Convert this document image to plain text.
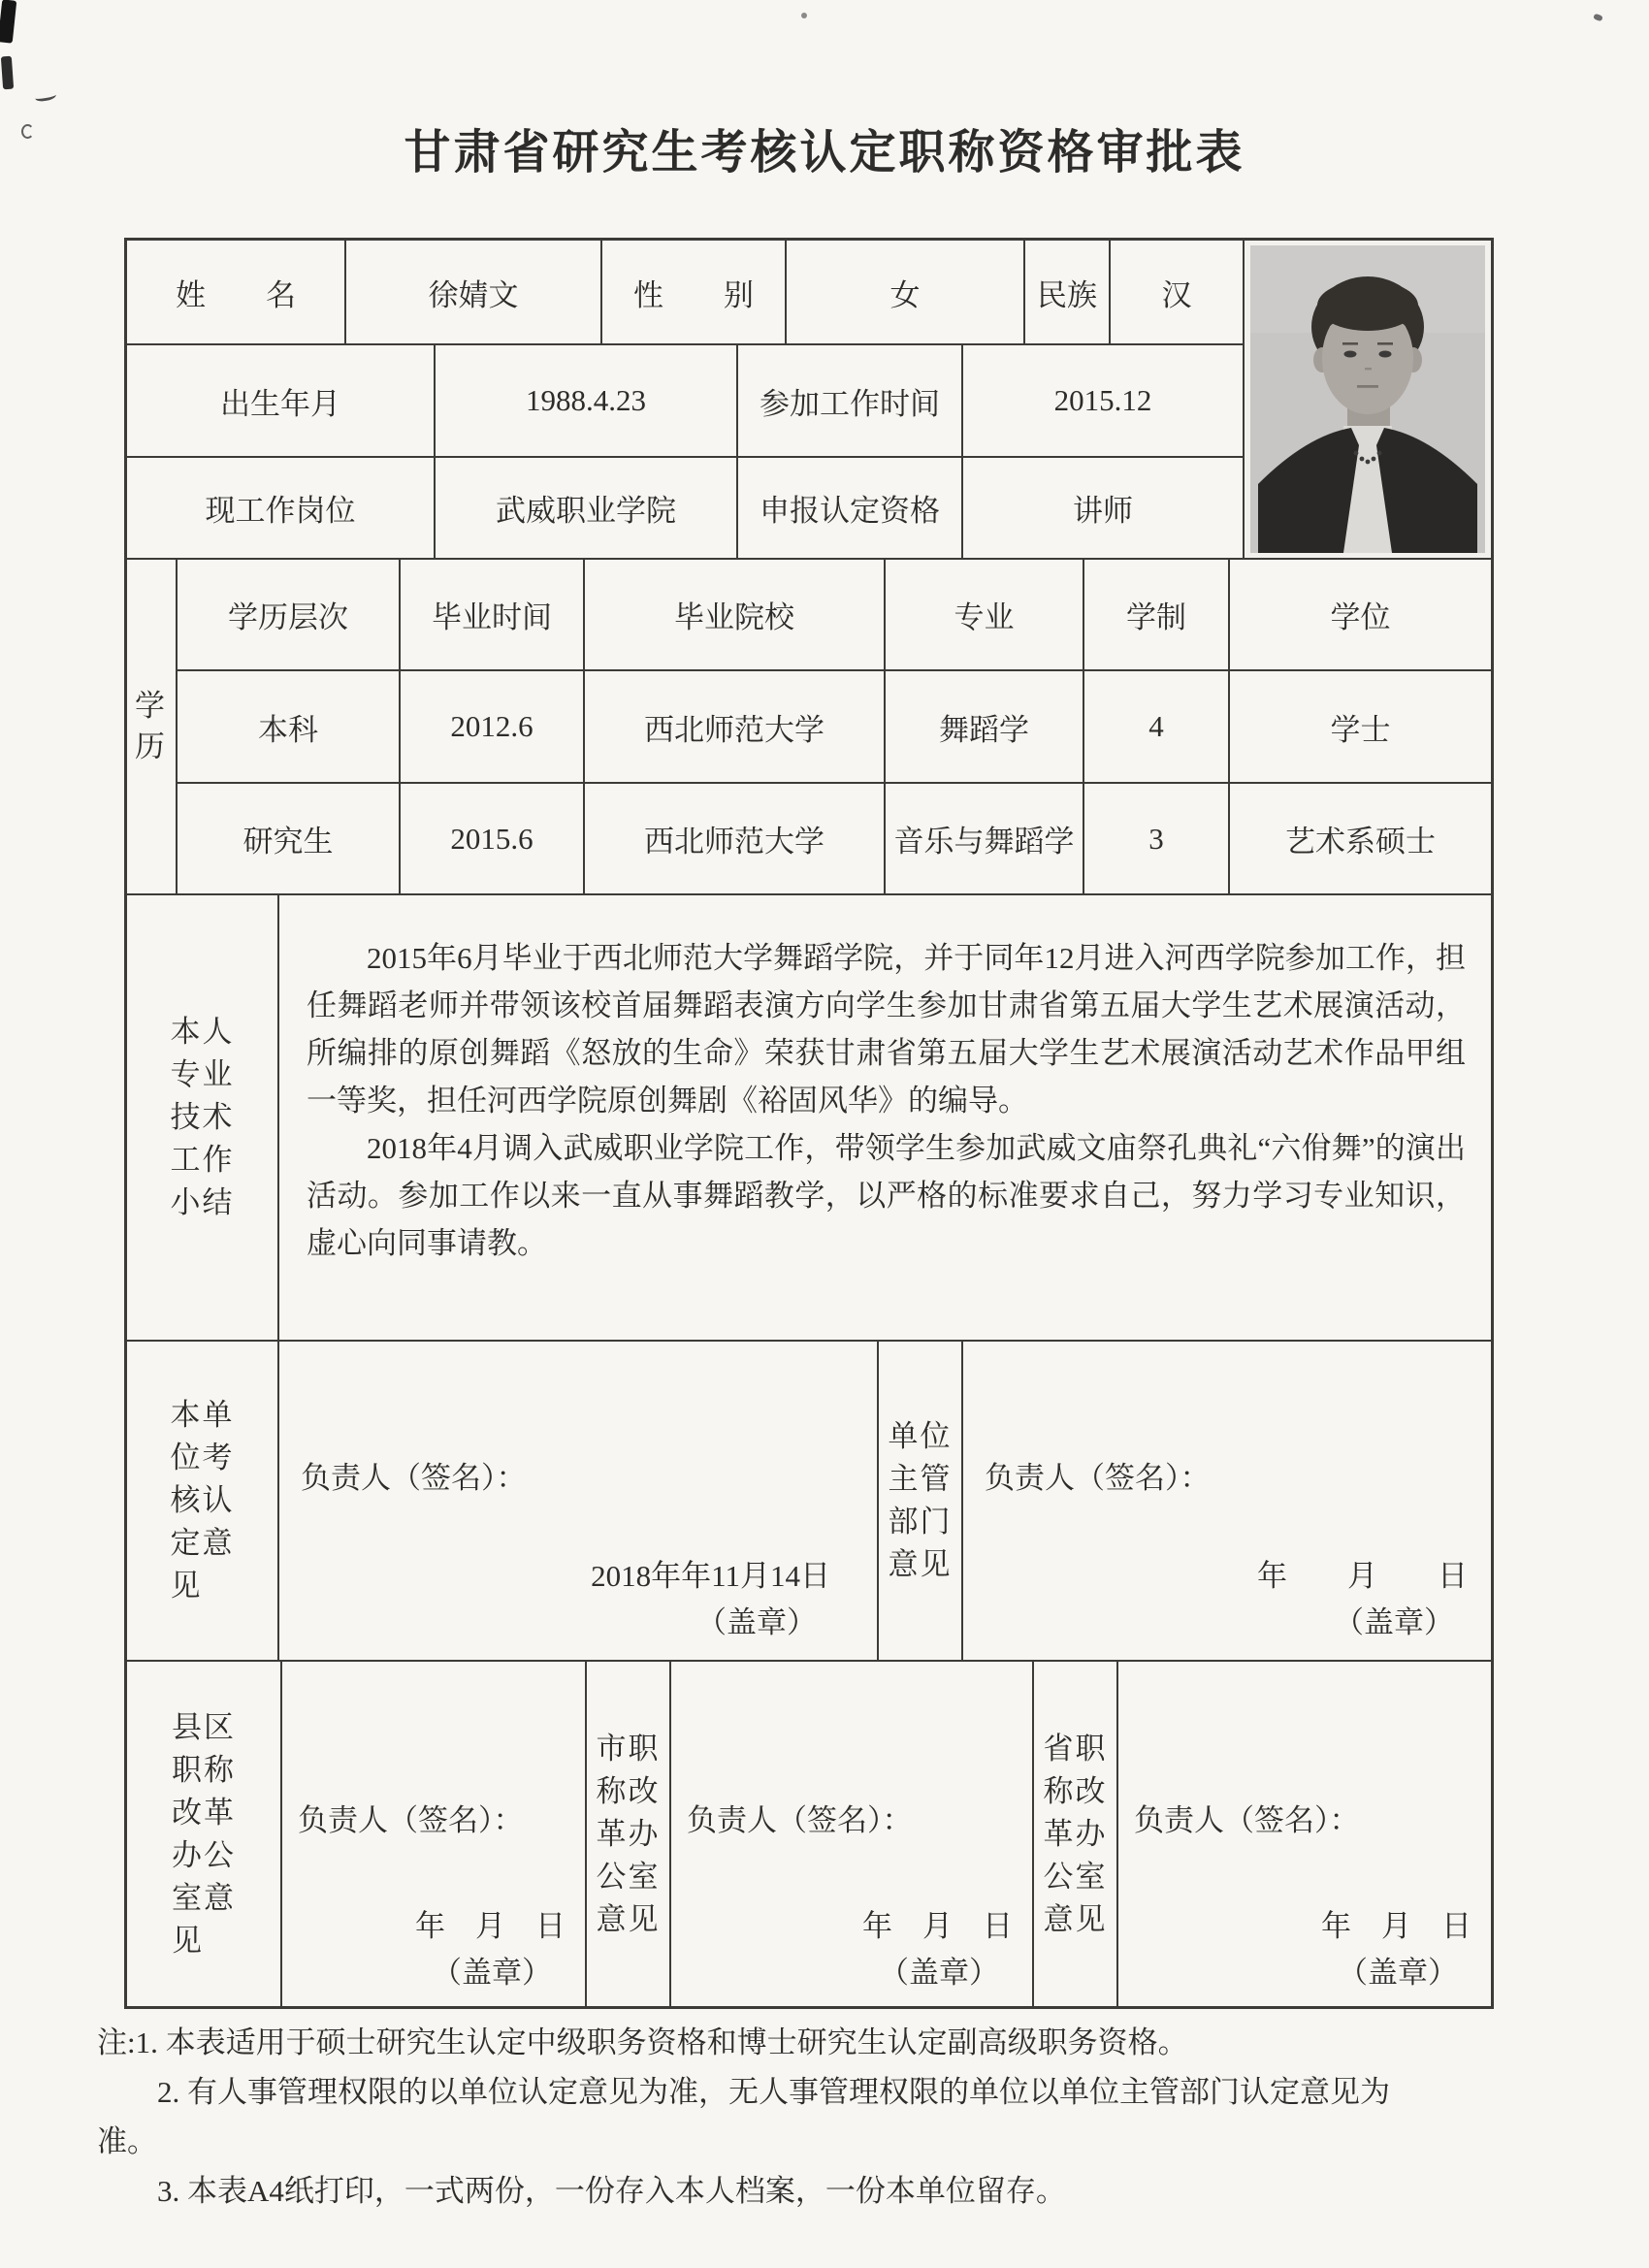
甘肃省研究生考核认定职称资格审批表
姓　　名	徐婧文	性　　别	女	民族	汉
出生年月	1988.4.23	参加工作时间	2015.12
现工作岗位	武威职业学院	申报认定资格	讲师
学历
学历层次	毕业时间	毕业院校	专业	学制	学位
本科	2012.6	西北师范大学	舞蹈学	4	学士
研究生	2015.6	西北师范大学	音乐与舞蹈学	3	艺术系硕士
本人专业技术工作小结

2015年6月毕业于西北师范大学舞蹈学院，并于同年12月进入河西学院参加工作，担任舞蹈老师并带领该校首届舞蹈表演方向学生参加甘肃省第五届大学生艺术展演活动，所编排的原创舞蹈《怒放的生命》荣获甘肃省第五届大学生艺术展演活动艺术作品甲组一等奖，担任河西学院原创舞剧《裕固风华》的编导。

2018年4月调入武威职业学院工作，带领学生参加武威文庙祭孔典礼“六佾舞”的演出活动。参加工作以来一直从事舞蹈教学，以严格的标准要求自己，努力学习专业知识，虚心向同事请教。

本单位考核认定意见
负责人（签名）：
2018年年11月14日
（盖章）
单位主管部门意见
负责人（签名）：
年　　月　　日
（盖章）
县区职称改革办公室意见
负责人（签名）：
年　月　日
（盖章）
市职称改革办公室意见
负责人（签名）：
年　月　日
（盖章）
省职称改革办公室意见
负责人（签名）：
年　月　日
（盖章）
注:1. 本表适用于硕士研究生认定中级职务资格和博士研究生认定副高级职务资格。
2. 有人事管理权限的以单位认定意见为准，无人事管理权限的单位以单位主管部门认定意见为准。
3. 本表A4纸打印，一式两份，一份存入本人档案，一份本单位留存。
